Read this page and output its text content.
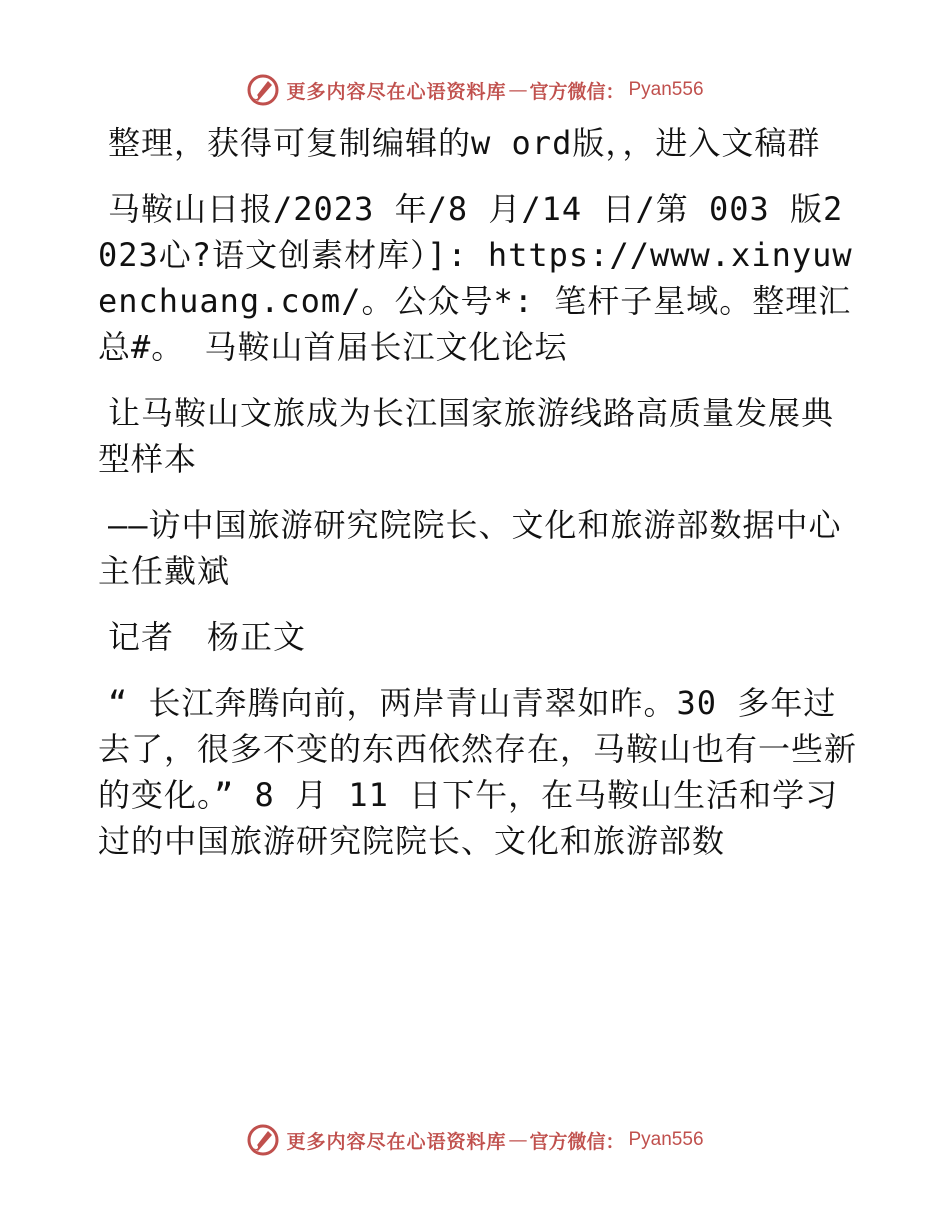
更多内容尽在心语资料库 — 官方微信： Pyan556

整理，获得可复制编辑的w ord版，，进入文稿群

马鞍山日报/2023 年/8 月/14 日/第 003 版2023心?语文创素材库）]: https://www.xinyuwenchuang.com/。公众号*: 笔杆子星域。整理汇总#。 马鞍山首届长江文化论坛

让马鞍山文旅成为长江国家旅游线路高质量发展典型样本

——访中国旅游研究院院长、文化和旅游部数据中心主任戴斌

记者　杨正文

“ 长江奔腾向前，两岸青山青翠如昨。30 多年过去了，很多不变的东西依然存在，马鞍山也有一些新的变化。” 8 月 11 日下午，在马鞍山生活和学习过的中国旅游研究院院长、文化和旅游部数

更多内容尽在心语资料库 — 官方微信： Pyan556
